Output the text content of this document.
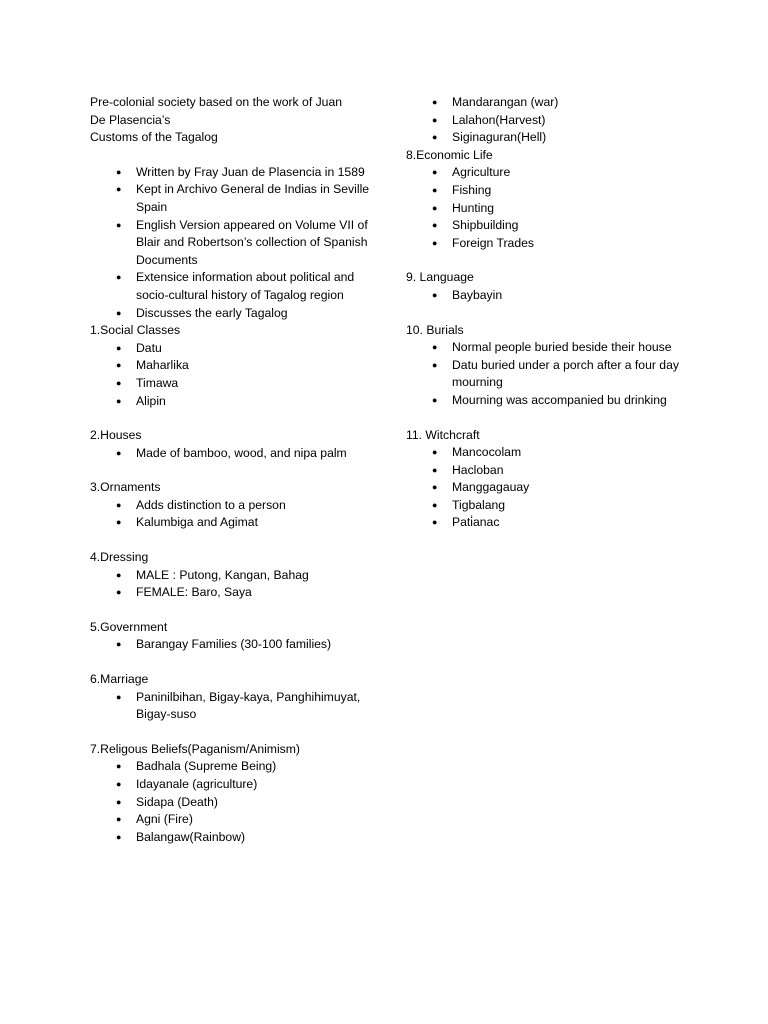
Pre-colonial society based on the work of Juan
De Plasencia’s
Customs of the Tagalog
● Written by Fray Juan de Plasencia in 1589
● Kept in Archivo General de Indias in Seville Spain
● English Version appeared on Volume VII of Blair and Robertson’s collection of Spanish Documents
● Extensice information about political and socio-cultural history of Tagalog region
● Discusses the early Tagalog
1.Social Classes
● Datu
● Maharlika
● Timawa
● Alipin
2.Houses
● Made of bamboo, wood, and nipa palm
3.Ornaments
● Adds distinction to a person
● Kalumbiga and Agimat
4.Dressing
● MALE : Putong, Kangan, Bahag
● FEMALE: Baro, Saya
5.Government
● Barangay Families (30-100 families)
6.Marriage
● Paninilbihan, Bigay-kaya, Panghihimuyat, Bigay-suso
7.Religous Beliefs(Paganism/Animism)
● Badhala (Supreme Being)
● Idayanale (agriculture)
● Sidapa (Death)
● Agni (Fire)
● Balangaw(Rainbow)
● Mandarangan (war)
● Lalahon(Harvest)
● Siginaguran(Hell)
8.Economic Life
● Agriculture
● Fishing
● Hunting
● Shipbuilding
● Foreign Trades
9. Language
● Baybayin
10. Burials
● Normal people buried beside their house
● Datu buried under a porch after a four day mourning
● Mourning was accompanied bu drinking
11. Witchcraft
● Mancocolam
● Hacloban
● Manggagauay
● Tigbalang
● Pati̇anac
